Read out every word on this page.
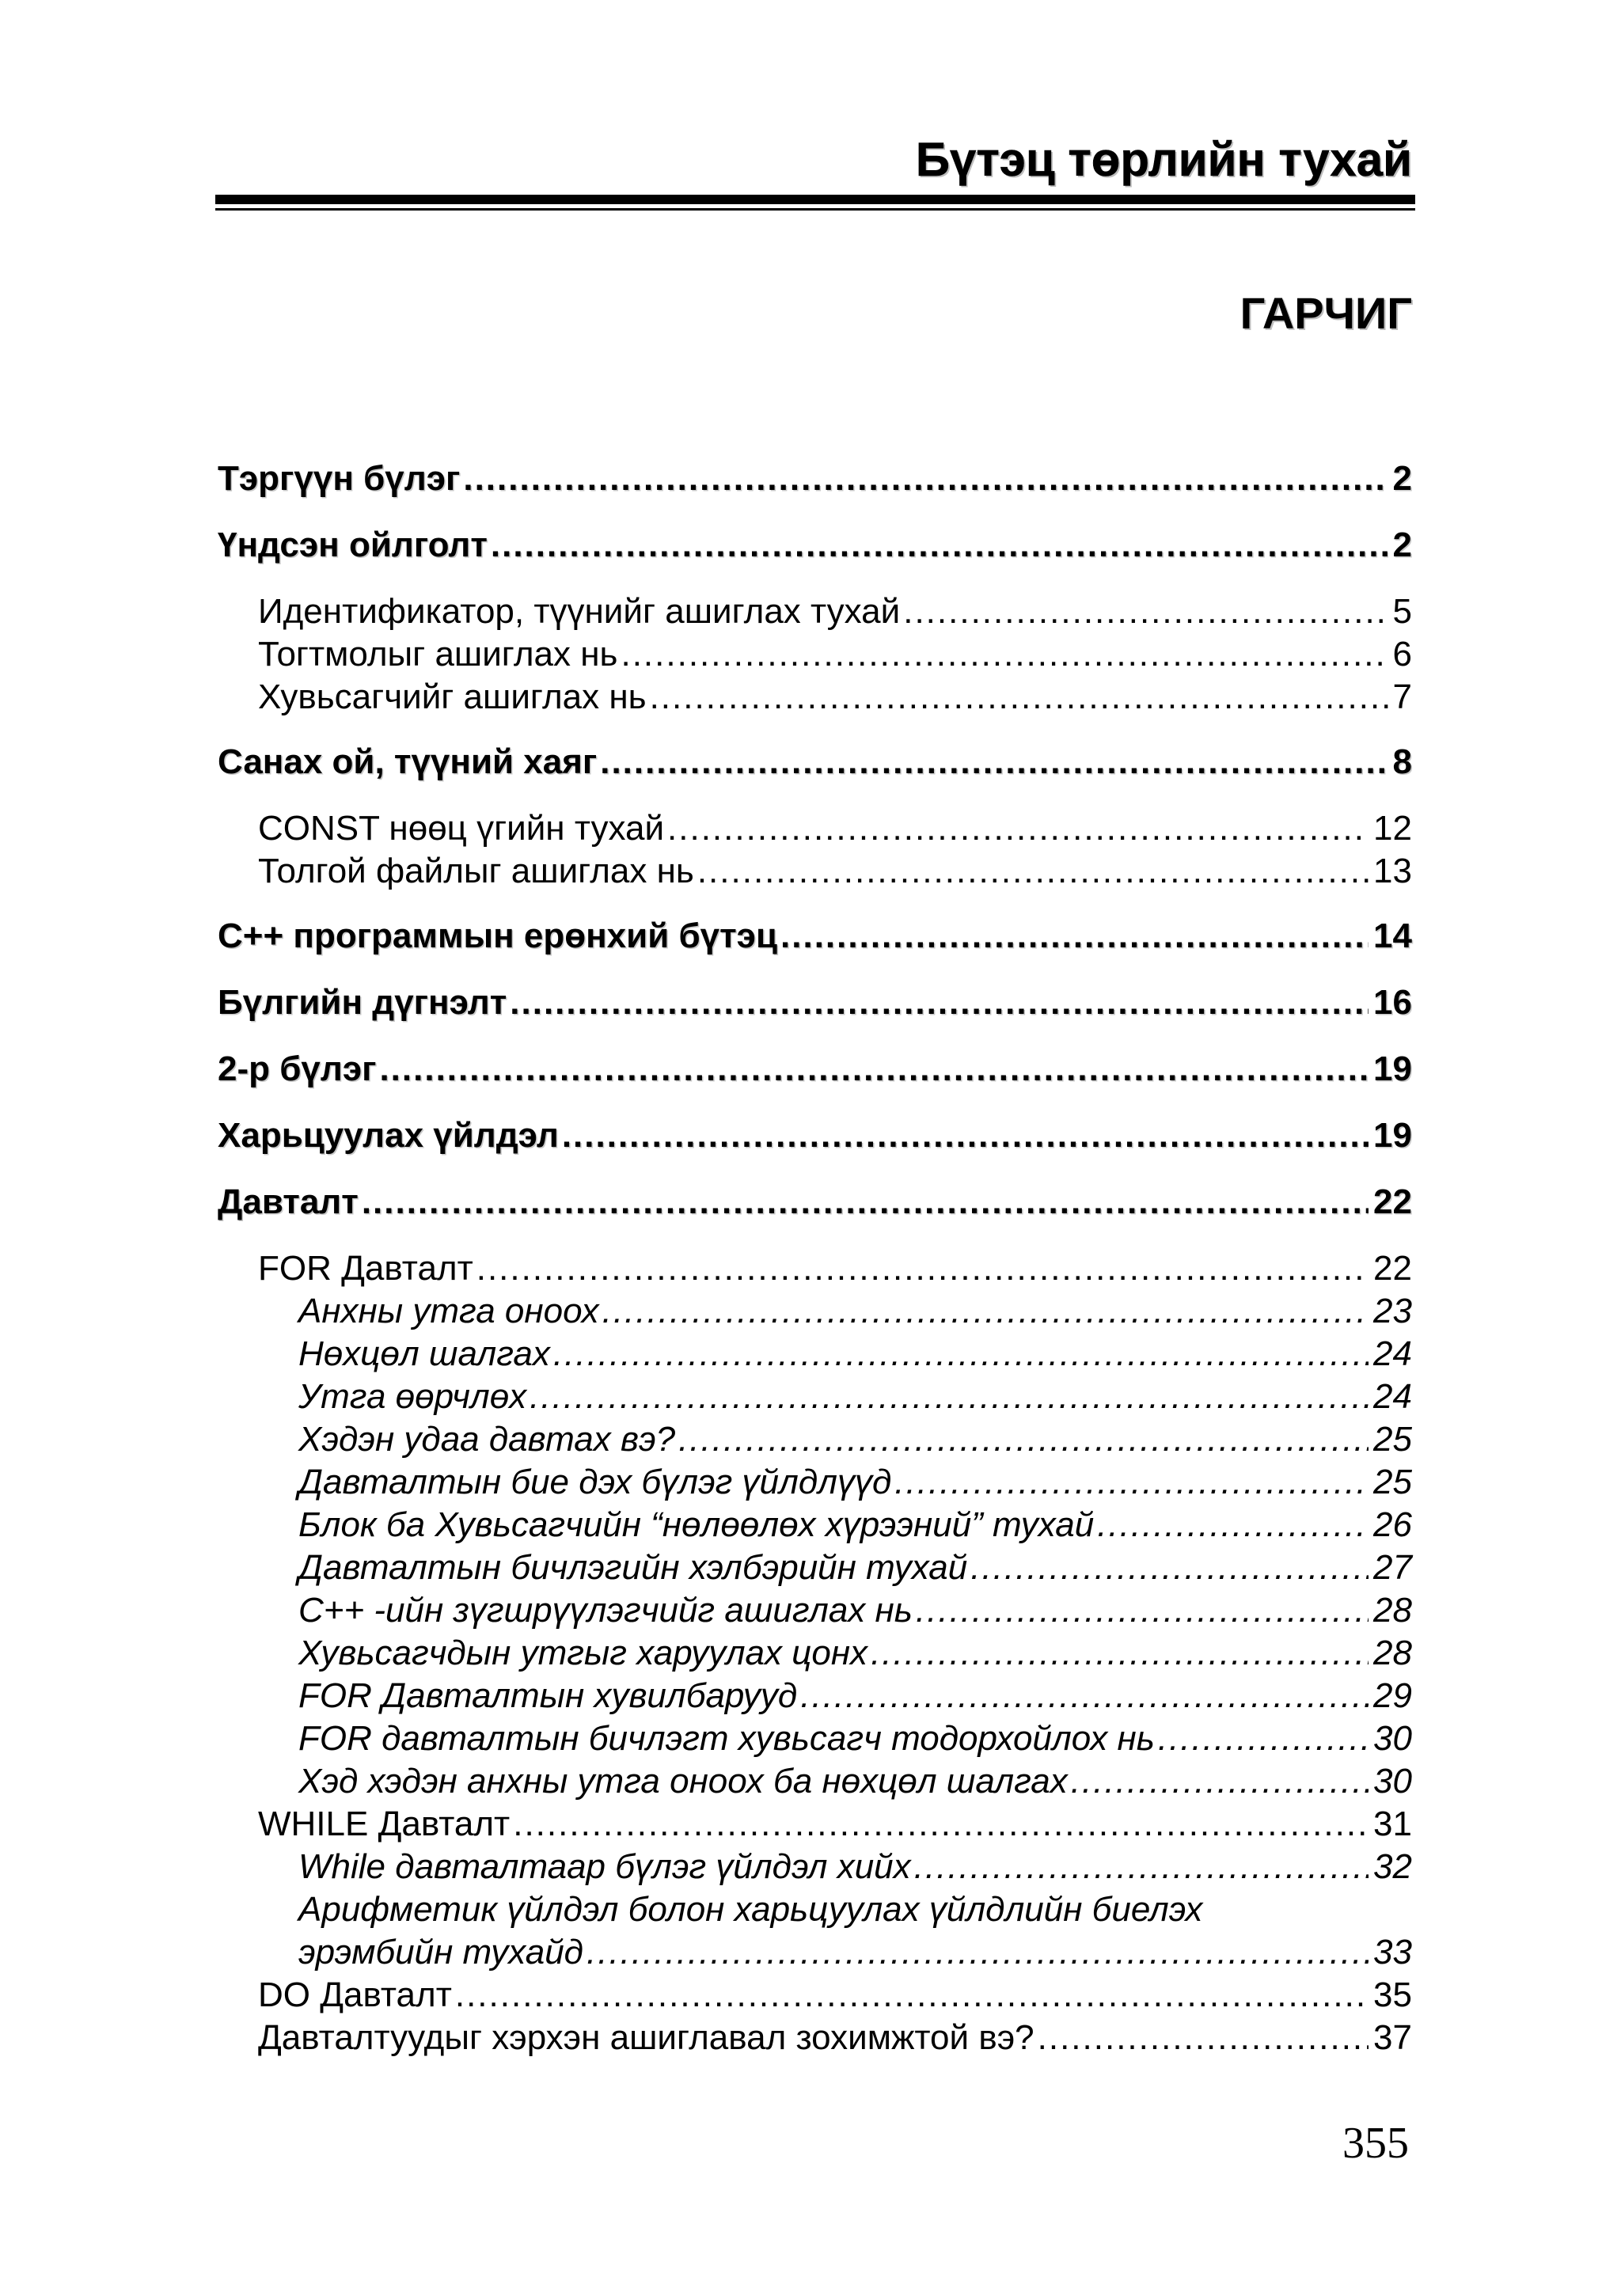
Бүтэц төрлийн тухай
ГАРЧИГ
Тэргүүн бүлэг .....	2
Үндсэн ойлголт .....	2
Идентификатор, түүнийг ашиглах тухай .....	5
Тогтмолыг ашиглах нь .....	6
Хувьсагчийг ашиглах нь .....	7
Санах ой, түүний хаяг .....	8
CONST нөөц үгийн тухай .....	12
Толгой файлыг ашиглах нь .....	13
C++ программын ерөнхий бүтэц .....	14
Бүлгийн дүгнэлт .....	16
2-р бүлэг .....	19
Харьцуулах үйлдэл .....	19
Давталт .....	22
FOR Давталт .....	22
Анхны утга оноох .....	23
Нөхцөл шалгах .....	24
Утга өөрчлөх .....	24
Хэдэн удаа давтах вэ? .....	25
Давталтын бие дэх бүлэг үйлдлүүд .....	25
Блок ба Хувьсагчийн “нөлөөлөх хүрээний” тухай .....	26
Давталтын бичлэгийн хэлбэрийн тухай .....	27
C++ -ийн зүгшрүүлэгчийг ашиглах нь .....	28
Хувьсагчдын утгыг харуулах цонх .....	28
FOR Давталтын хувилбарууд .....	29
FOR давталтын бичлэгт хувьсагч тодорхойлох нь .....	30
Хэд хэдэн анхны утга оноох ба нөхцөл шалгах .....	30
WHILE Давталт .....	31
While давталтаар бүлэг үйлдэл хийх .....	32
Арифметик үйлдэл болон харьцуулах үйлдлийн биелэх
эрэмбийн тухайд .....	33
DO Давталт .....	35
Давталтуудыг хэрхэн ашиглавал зохимжтой вэ? .....	37
355
